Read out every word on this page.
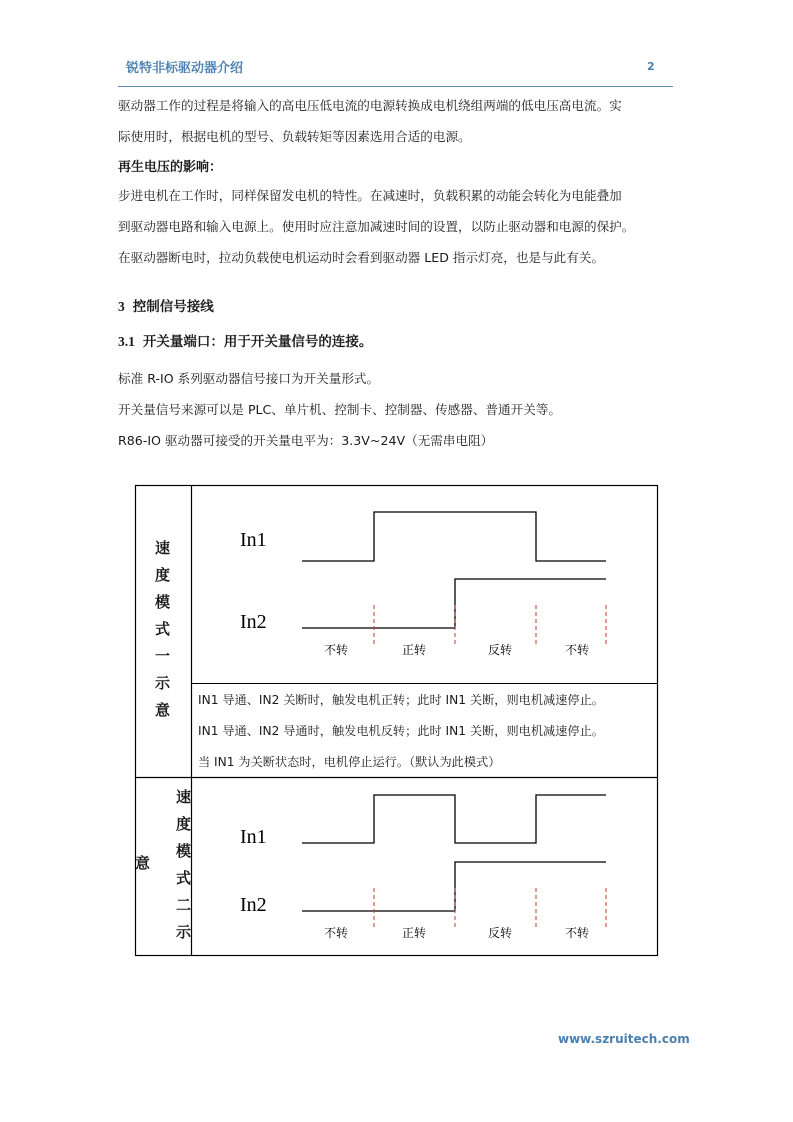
锐特非标驱动器介绍	2
驱动器工作的过程是将输入的高电压低电流的电源转换成电机绕组两端的低电压高电流。实
际使用时，根据电机的型号、负载转矩等因素选用合适的电源。
再生电压的影响：
步进电机在工作时，同样保留发电机的特性。在减速时，负载积累的动能会转化为电能叠加
到驱动器电路和输入电源上。使用时应注意加减速时间的设置，以防止驱动器和电源的保护。
在驱动器断电时，拉动负载使电机运动时会看到驱动器 LED 指示灯亮，也是与此有关。
3 控制信号接线
3.1 开关量端口：用于开关量信号的连接。
标准 R-IO 系列驱动器信号接口为开关量形式。
开关量信号来源可以是 PLC、单片机、控制卡、控制器、传感器、普通开关等。
R86-IO 驱动器可接受的开关量电平为：3.3V~24V（无需串电阻）
In1
In2
不转	正转	反转	不转
In1
In2
不转	正转	反转	不转
速
度
模
式
一
示
意
IN1 导通、IN2 关断时，触发电机正转；此时 IN1 关断，则电机减速停止。
IN1 导通、IN2 导通时，触发电机反转；此时 IN1 关断，则电机减速停止。
当 IN1 为关断状态时，电机停止运行。（默认为此模式）
速
度
模
式
二
示
意
www.szruitech.com
